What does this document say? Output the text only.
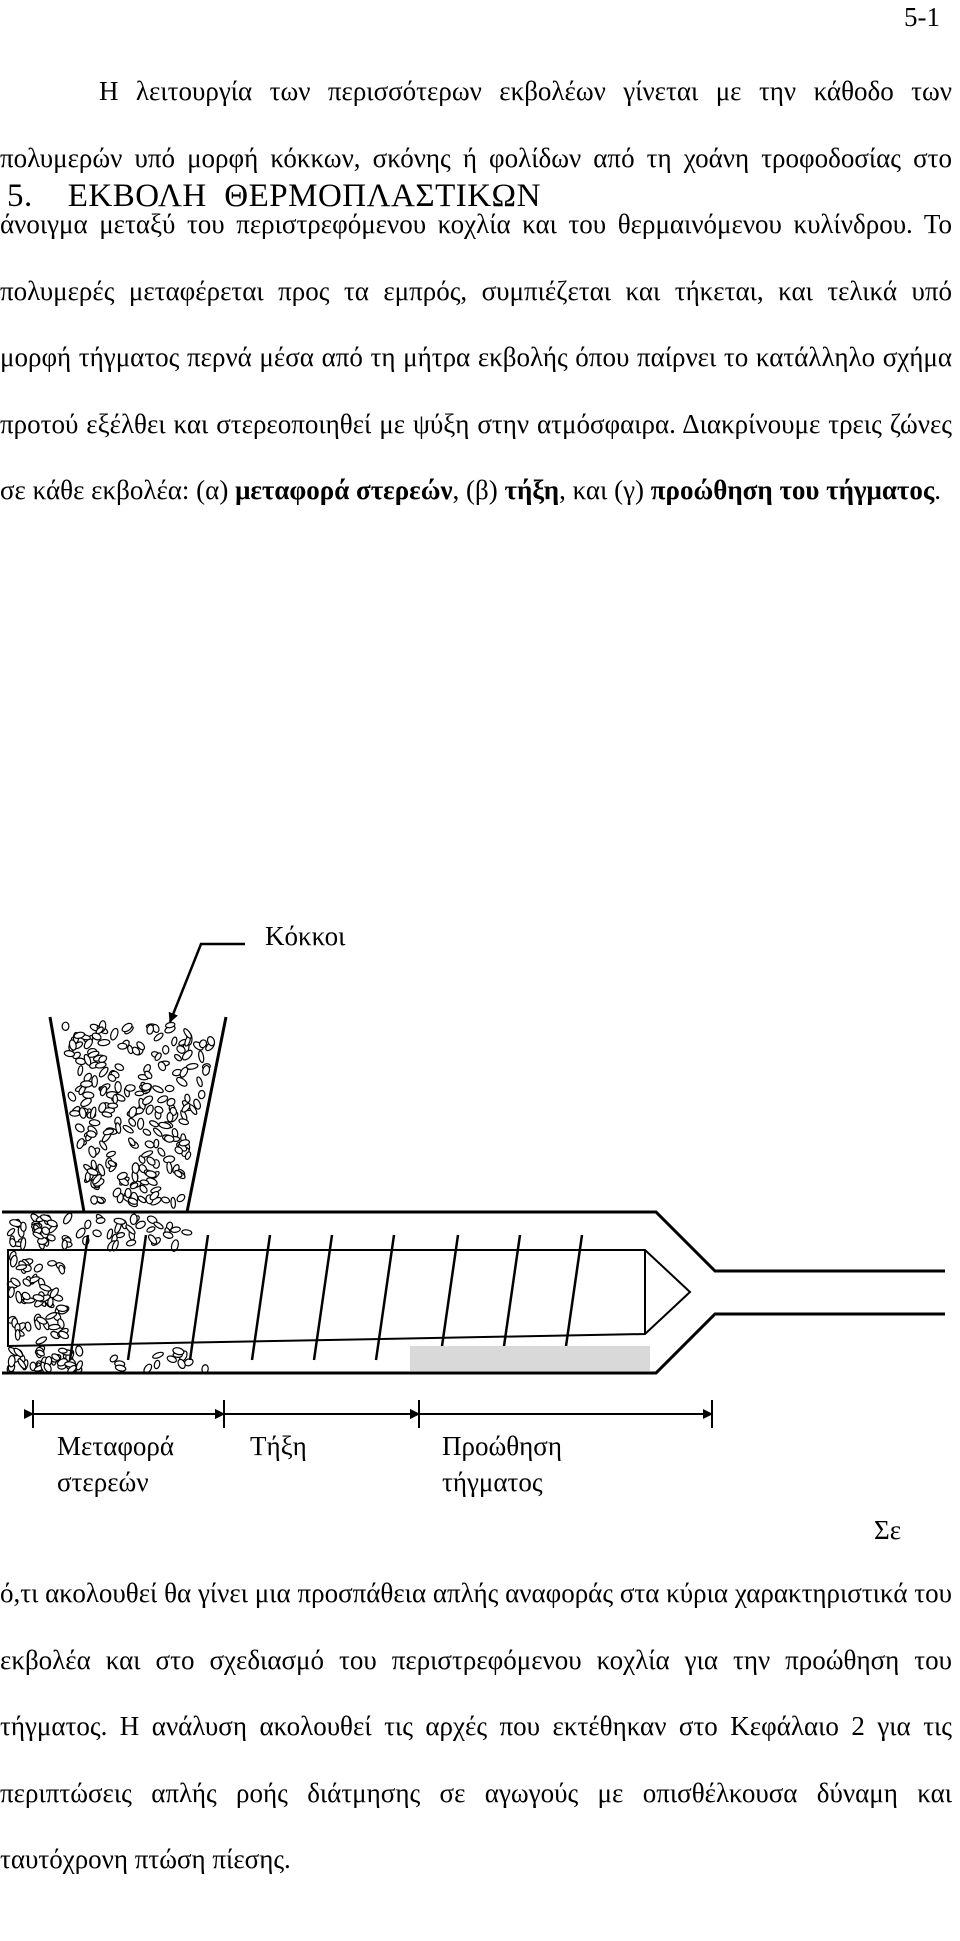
5-1
5.    ΕΚΒΟΛΗ  ΘΕΡΜΟΠΛΑΣΤΙΚΩΝ

Η λειτουργία των περισσότερων εκβολέων γίνεται με την κάθοδο των πολυμερών υπό μορφή κόκκων, σκόνης ή φολίδων από τη χοάνη τροφοδοσίας στο άνοιγμα μεταξύ του περιστρεφόμενου κοχλία και του θερμαινόμενου κυλίνδρου. Το πολυμερές μεταφέρεται προς τα εμπρός, συμπιέζεται και τήκεται, και τελικά υπό μορφή τήγματος περνά μέσα από τη μήτρα εκβολής όπου παίρνει το κατάλληλο σχήμα προτού εξέλθει και στερεοποιηθεί με ψύξη στην ατμόσφαιρα. Διακρίνουμε τρεις ζώνες σε κάθε εκβολέα: (α) μεταφορά στερεών, (β) τήξη, και (γ) προώθηση του τήγματος.

Κόκκοι
Μεταφορά
στερεών
Τήξη	Προώθηση
τήγματος
Σε

ό,τι ακολουθεί θα γίνει μια προσπάθεια απλής αναφοράς στα κύρια χαρακτηριστικά του εκβολέα και στο σχεδιασμό του περιστρεφόμενου κοχλία για την προώθηση του τήγματος. Η ανάλυση ακολουθεί τις αρχές που εκτέθηκαν στο Κεφάλαιο 2 για τις περιπτώσεις απλής ροής διάτμησης σε αγωγούς με οπισθέλκουσα δύναμη και ταυτόχρονη πτώση πίεσης.
